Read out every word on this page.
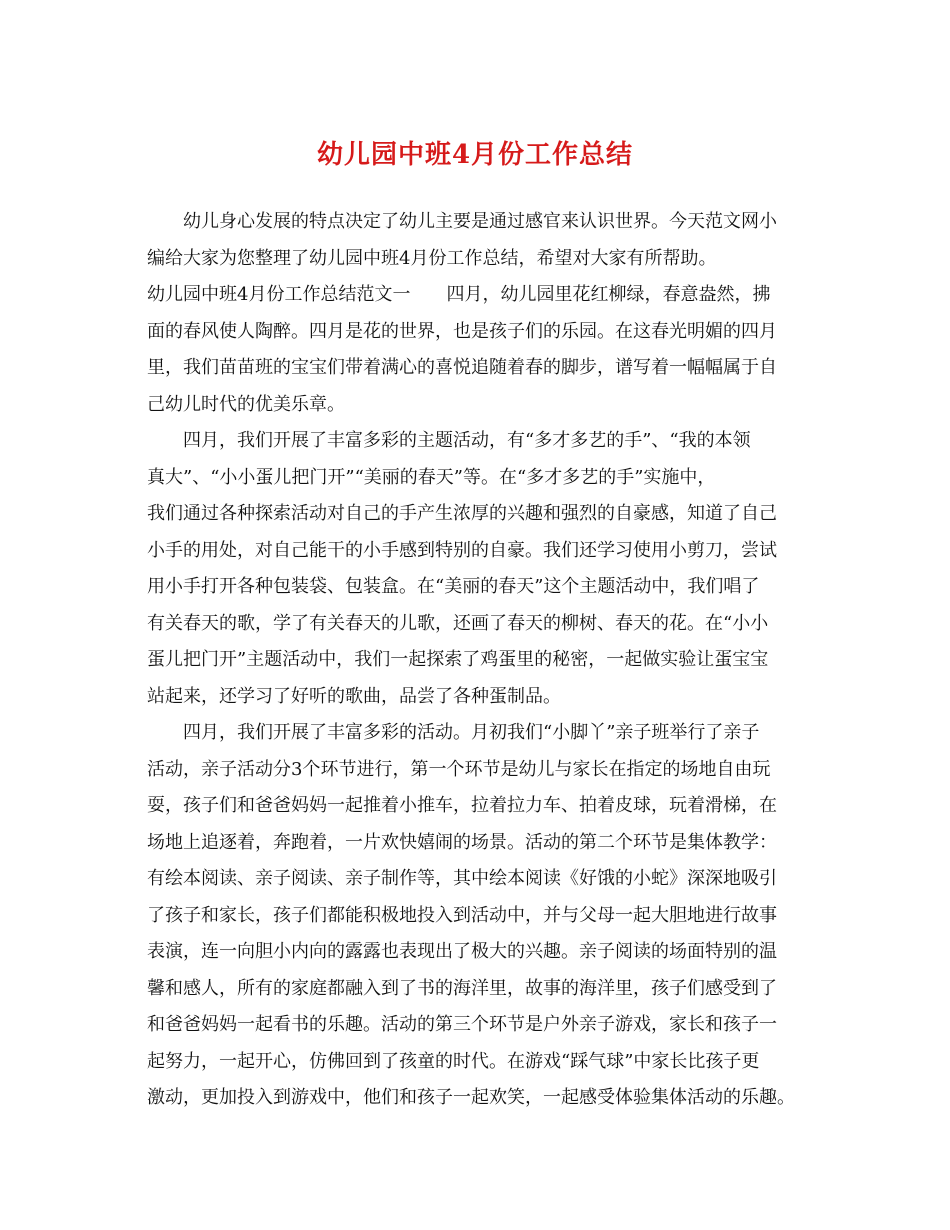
幼儿园中班4月份工作总结
幼儿身心发展的特点决定了幼儿主要是通过感官来认识世界。今天范文网小
编给大家为您整理了幼儿园中班4月份工作总结，希望对大家有所帮助。
幼儿园中班4月份工作总结范文一 四月，幼儿园里花红柳绿，春意盎然，拂
面的春风使人陶醉。四月是花的世界，也是孩子们的乐园。在这春光明媚的四月
里，我们苗苗班的宝宝们带着满心的喜悦追随着春的脚步，谱写着一幅幅属于自
己幼儿时代的优美乐章。
四月，我们开展了丰富多彩的主题活动，有“多才多艺的手”、“我的本领
真大”、“小小蛋儿把门开”“美丽的春天”等。在“多才多艺的手”实施中，
我们通过各种探索活动对自己的手产生浓厚的兴趣和强烈的自豪感，知道了自己
小手的用处，对自己能干的小手感到特别的自豪。我们还学习使用小剪刀，尝试
用小手打开各种包装袋、包装盒。在“美丽的春天”这个主题活动中，我们唱了
有关春天的歌，学了有关春天的儿歌，还画了春天的柳树、春天的花。在“小小
蛋儿把门开”主题活动中，我们一起探索了鸡蛋里的秘密，一起做实验让蛋宝宝
站起来，还学习了好听的歌曲，品尝了各种蛋制品。
四月，我们开展了丰富多彩的活动。月初我们“小脚丫”亲子班举行了亲子
活动，亲子活动分3个环节进行，第一个环节是幼儿与家长在指定的场地自由玩
耍，孩子们和爸爸妈妈一起推着小推车，拉着拉力车、拍着皮球，玩着滑梯，在
场地上追逐着，奔跑着，一片欢快嬉闹的场景。活动的第二个环节是集体教学：
有绘本阅读、亲子阅读、亲子制作等，其中绘本阅读《好饿的小蛇》深深地吸引
了孩子和家长，孩子们都能积极地投入到活动中，并与父母一起大胆地进行故事
表演，连一向胆小内向的露露也表现出了极大的兴趣。亲子阅读的场面特别的温
馨和感人，所有的家庭都融入到了书的海洋里，故事的海洋里，孩子们感受到了
和爸爸妈妈一起看书的乐趣。活动的第三个环节是户外亲子游戏，家长和孩子一
起努力，一起开心，仿佛回到了孩童的时代。在游戏“踩气球”中家长比孩子更
激动，更加投入到游戏中，他们和孩子一起欢笑，一起感受体验集体活动的乐趣。
